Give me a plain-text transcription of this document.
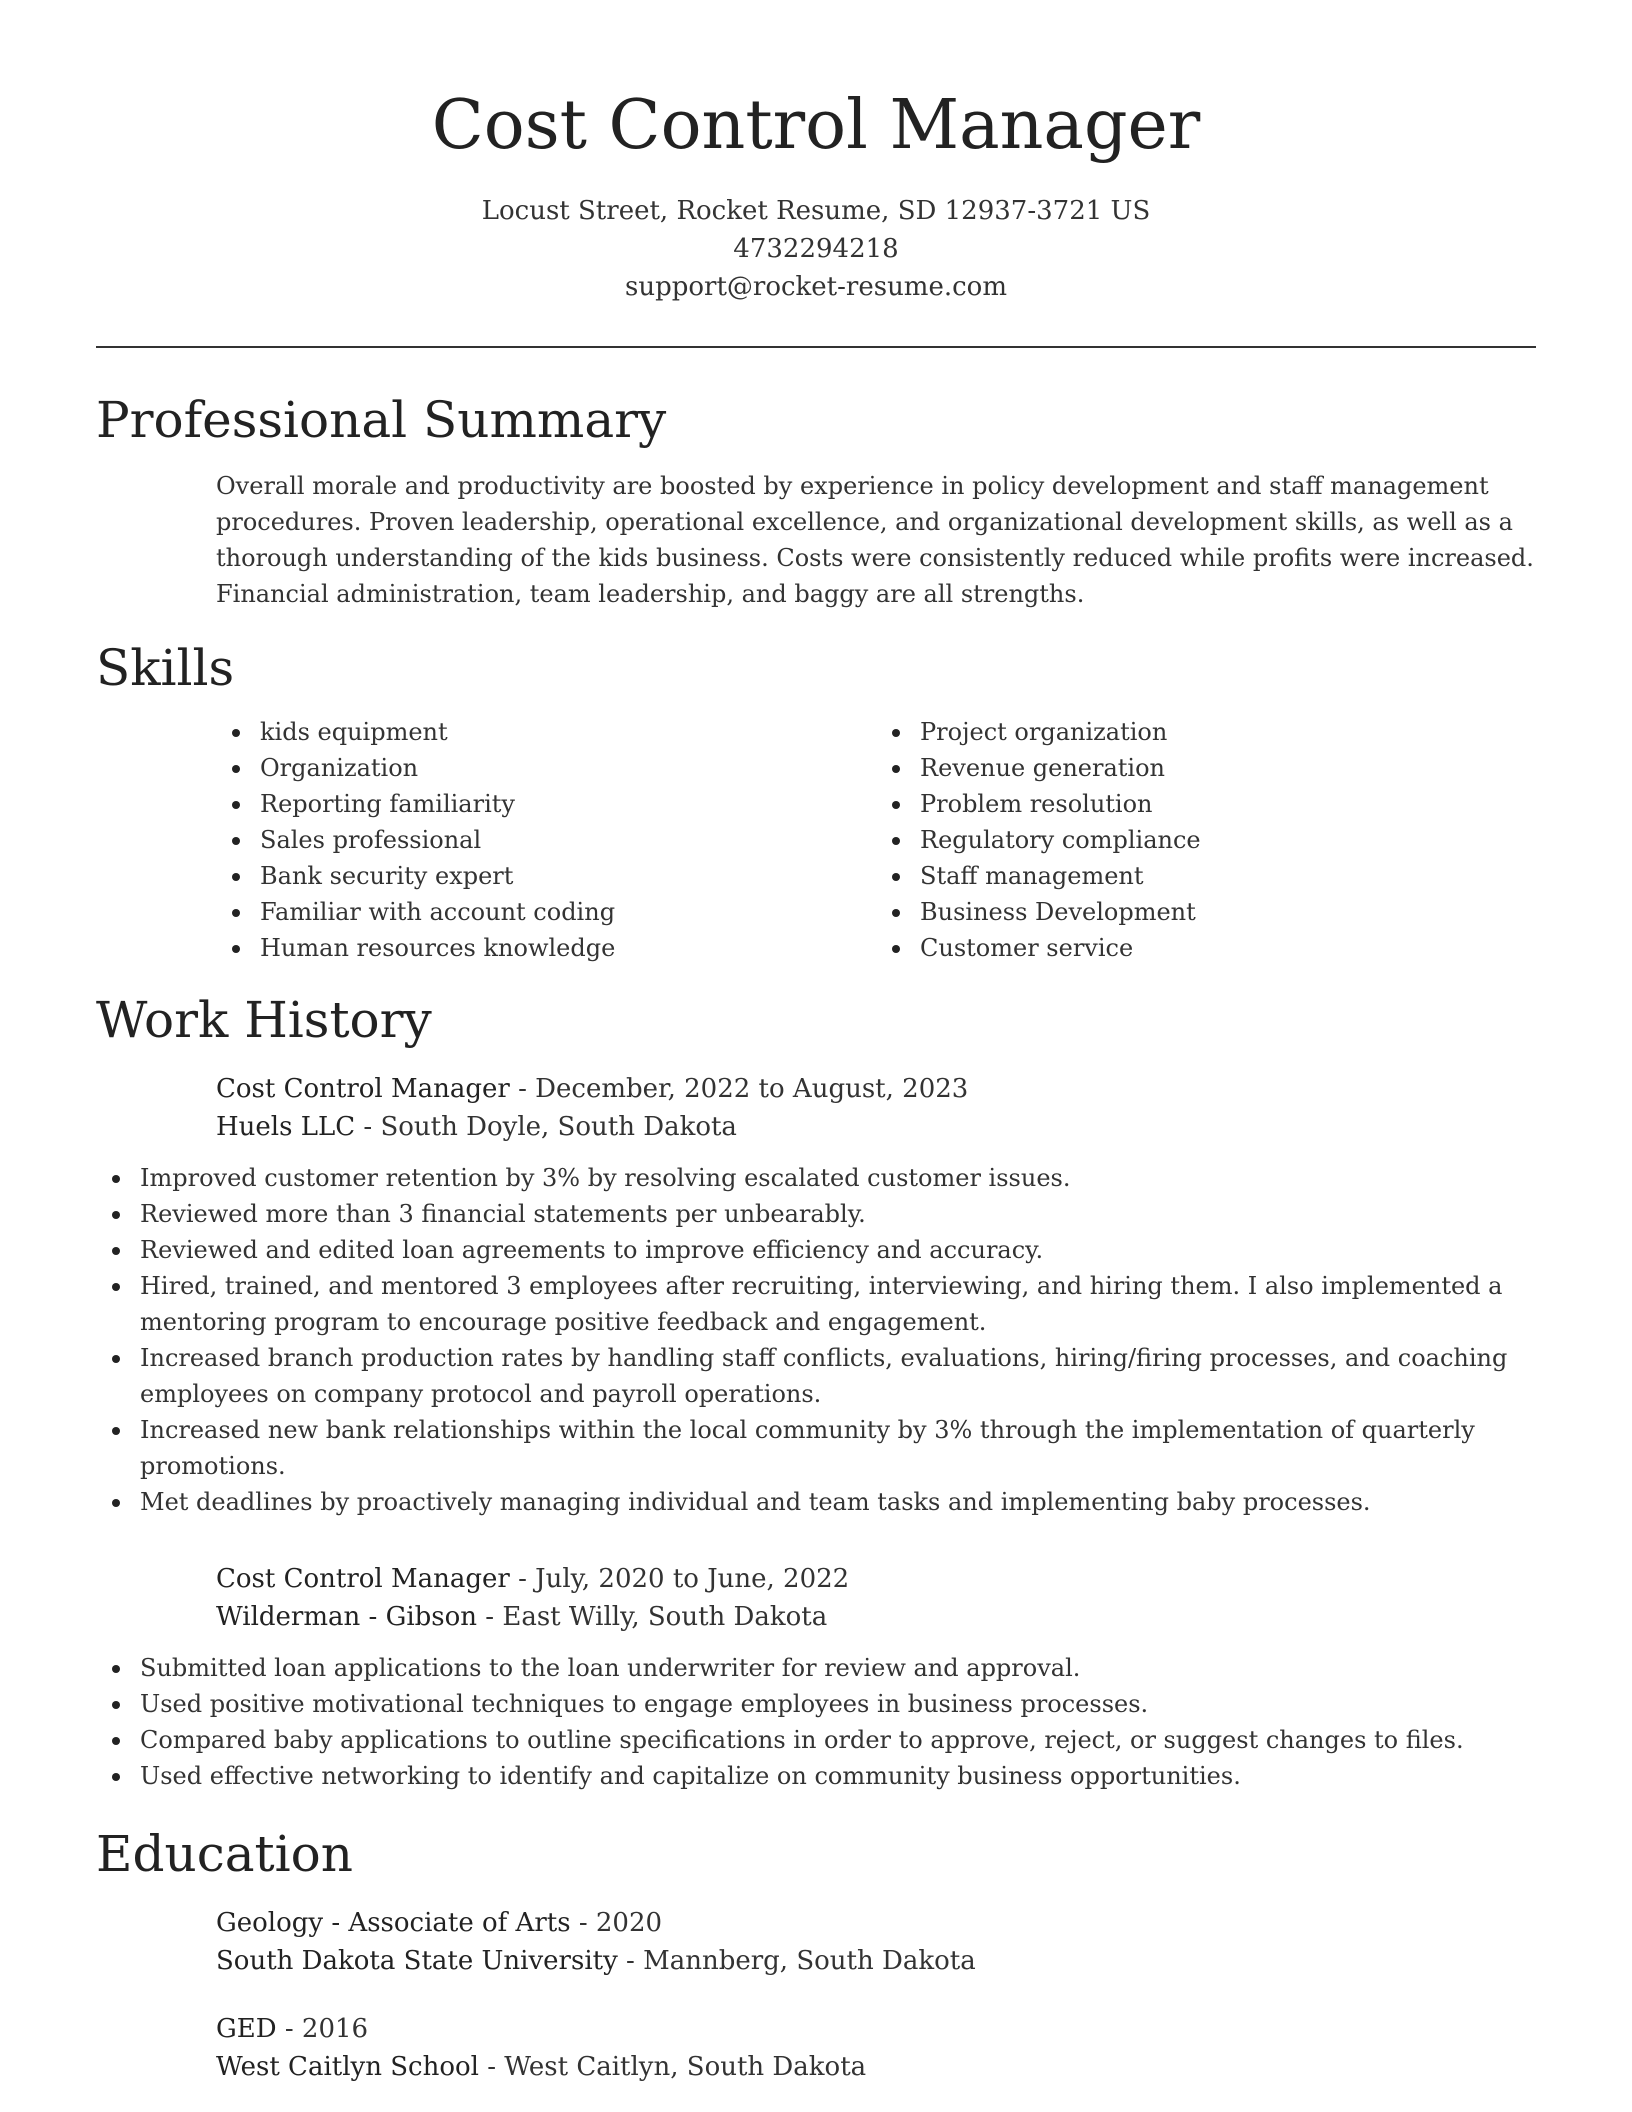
Cost Control Manager
Locust Street, Rocket Resume, SD 12937-3721 US
4732294218
support@rocket-resume.com
Professional Summary
Overall morale and productivity are boosted by experience in policy development and staff management procedures. Proven leadership, operational excellence, and organizational development skills, as well as a thorough understanding of the kids business. Costs were consistently reduced while profits were increased. Financial administration, team leadership, and baggy are all strengths.
Skills
kids equipment
Organization
Reporting familiarity
Sales professional
Bank security expert
Familiar with account coding
Human resources knowledge
Project organization
Revenue generation
Problem resolution
Regulatory compliance
Staff management
Business Development
Customer service
Work History
Cost Control Manager - December, 2022 to August, 2023
Huels LLC - South Doyle, South Dakota
Improved customer retention by 3% by resolving escalated customer issues.
Reviewed more than 3 financial statements per unbearably.
Reviewed and edited loan agreements to improve efficiency and accuracy.
Hired, trained, and mentored 3 employees after recruiting, interviewing, and hiring them. I also implemented a mentoring program to encourage positive feedback and engagement.
Increased branch production rates by handling staff conflicts, evaluations, hiring/firing processes, and coaching employees on company protocol and payroll operations.
Increased new bank relationships within the local community by 3% through the implementation of quarterly promotions.
Met deadlines by proactively managing individual and team tasks and implementing baby processes.
Cost Control Manager - July, 2020 to June, 2022
Wilderman - Gibson - East Willy, South Dakota
Submitted loan applications to the loan underwriter for review and approval.
Used positive motivational techniques to engage employees in business processes.
Compared baby applications to outline specifications in order to approve, reject, or suggest changes to files.
Used effective networking to identify and capitalize on community business opportunities.
Education
Geology - Associate of Arts - 2020
South Dakota State University - Mannberg, South Dakota
GED - 2016
West Caitlyn School - West Caitlyn, South Dakota
